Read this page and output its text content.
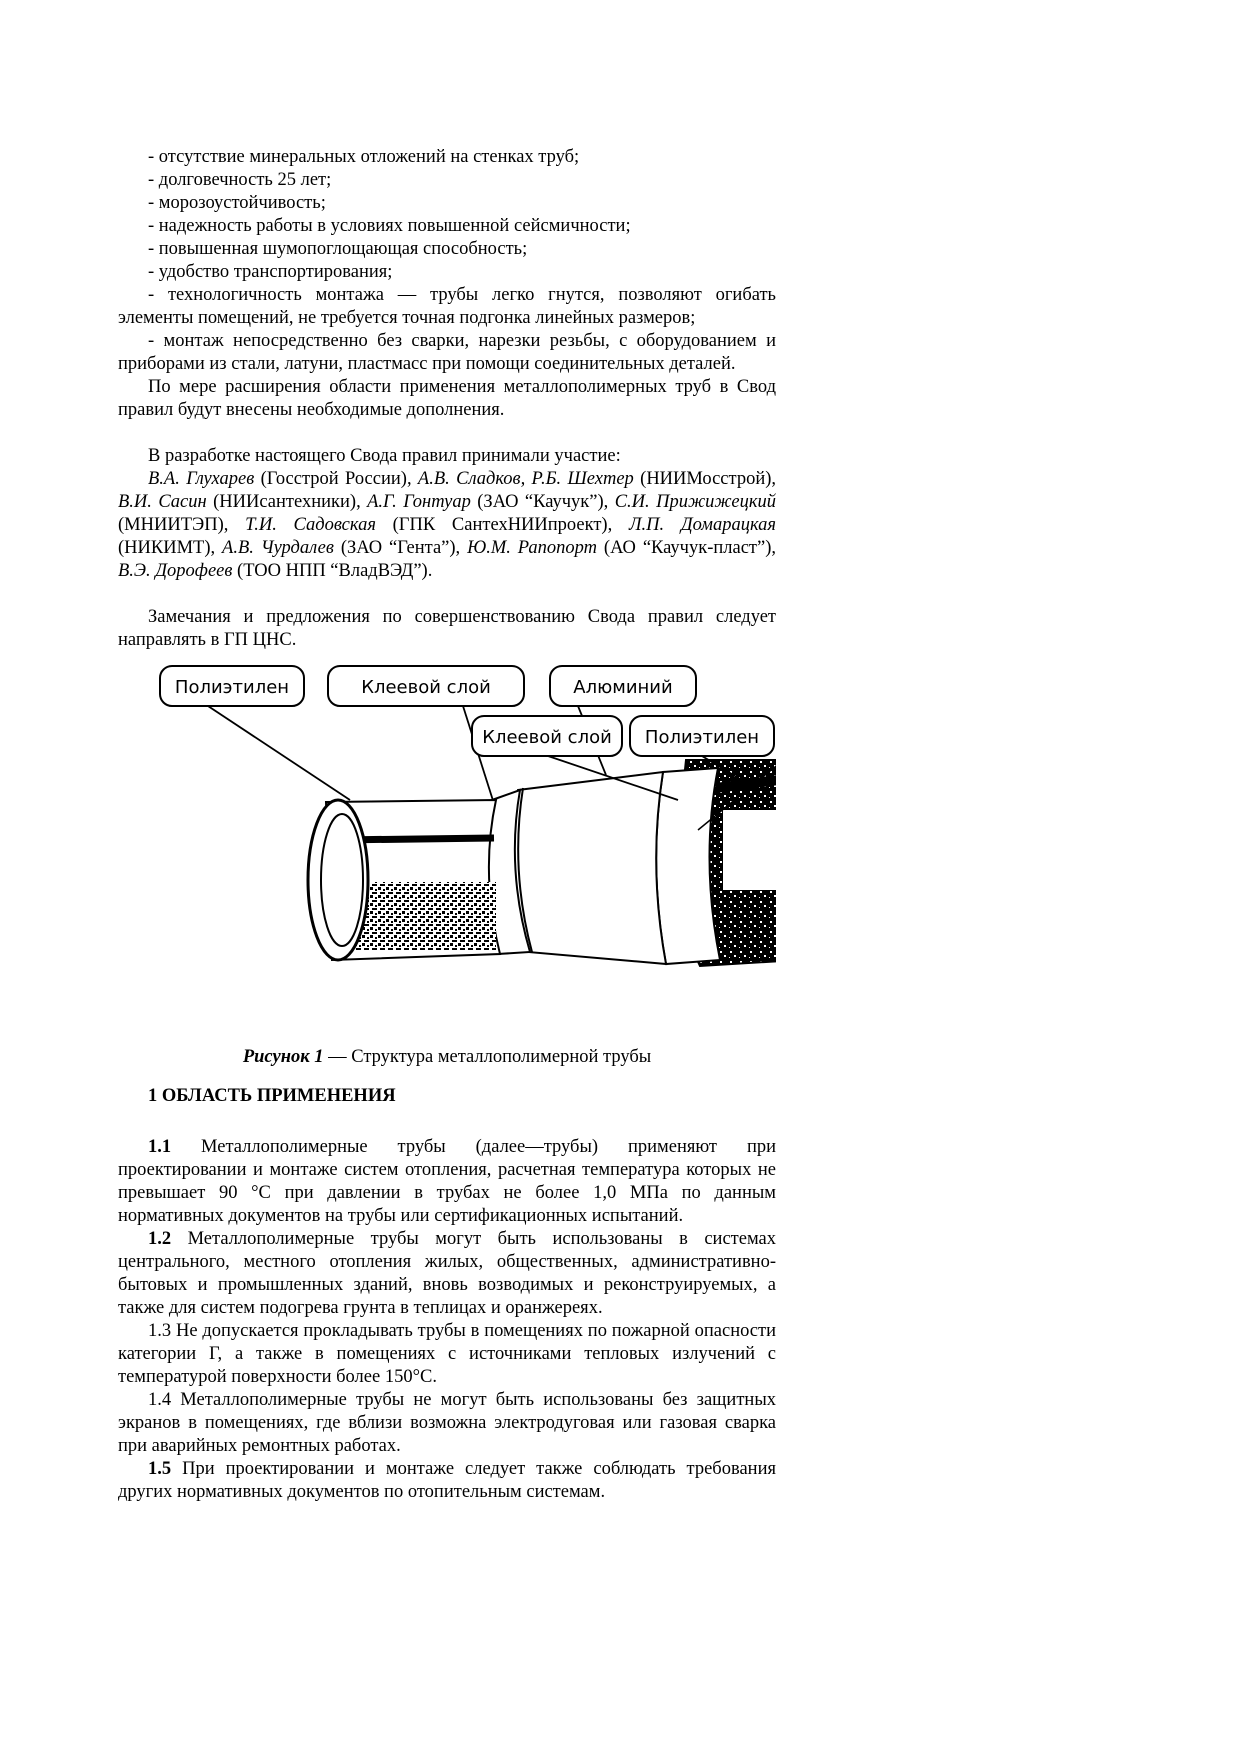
- отсутствие минеральных отложений на стенках труб;

- долговечность 25 лет;

- морозоустойчивость;

- надежность работы в условиях повышенной сейсмичности;

- повышенная шумопоглощающая способность;

- удобство транспортирования;

- технологичность монтажа — трубы легко гнутся, позволяют огибать элементы помещений, не требуется точная подгонка линейных размеров;

- монтаж непосредственно без сварки, нарезки резьбы, с оборудованием и приборами из стали, латуни, пластмасс при помощи соединительных деталей.

По мере расширения области применения металлополимерных труб в Свод правил будут внесены необходимые дополнения.

В разработке настоящего Свода правил принимали участие:

В.А. Глухарев (Госстрой России), А.В. Сладков, Р.Б. Шехтер (НИИМосстрой), В.И. Сасин (НИИсантехники), А.Г. Гонтуар (ЗАО “Каучук”), С.И. Прижижецкий (МНИИТЭП), Т.И. Садовская (ГПК СантехНИИпроект), Л.П. Домарацкая (НИКИМТ), А.В. Чурдалев (ЗАО “Гента”), Ю.М. Рапопорт (АО “Каучук-пласт”), В.Э. Дорофеев (ТОО НПП “ВладВЭД”).

Замечания и предложения по совершенствованию Свода правил следует направлять в ГП ЦНС.

Полиэтилен	Клеевой слой	Алюминий
Клеевой слой Полиэтилен

Рисунок 1 — Структура металлополимерной трубы

1 ОБЛАСТЬ ПРИМЕНЕНИЯ

1.1 Металлополимерные трубы (далее—трубы) применяют при проектировании и монтаже систем отопления, расчетная температура которых не превышает 90 °С при давлении в трубах не более 1,0 МПа по данным нормативных документов на трубы или сертификационных испытаний.

1.2 Металлополимерные трубы могут быть использованы в системах центрального, местного отопления жилых, общественных, административно-бытовых и промышленных зданий, вновь возводимых и реконструируемых, а также для систем подогрева грунта в теплицах и оранжереях.

1.3 Не допускается прокладывать трубы в помещениях по пожарной опасности категории Г, а также в помещениях с источниками тепловых излучений с температурой поверхности более 150°С.

1.4 Металлополимерные трубы не могут быть использованы без защитных экранов в помещениях, где вблизи возможна электродуговая или газовая сварка при аварийных ремонтных работах.

1.5 При проектировании и монтаже следует также соблюдать требования других нормативных документов по отопительным системам.
